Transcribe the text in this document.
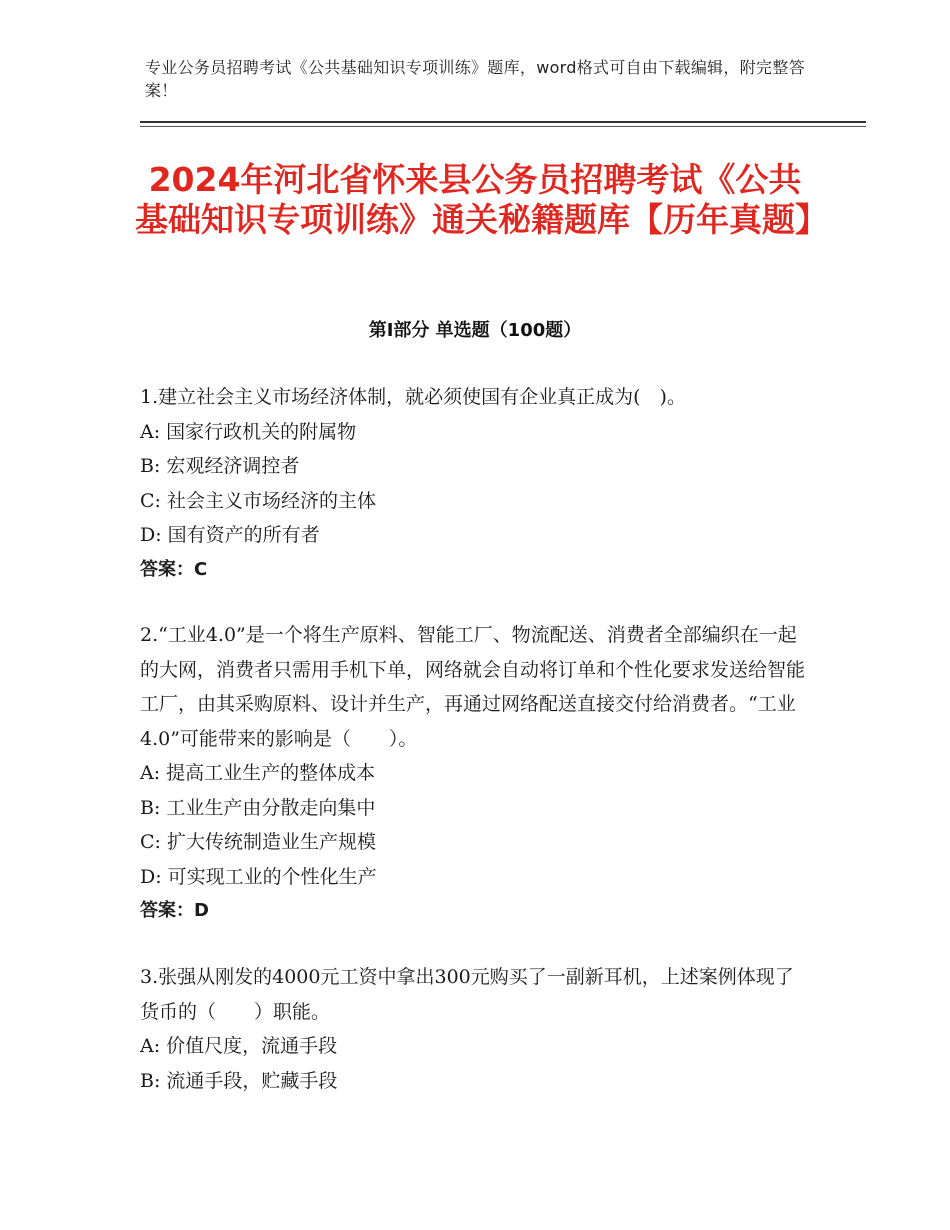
专业公务员招聘考试《公共基础知识专项训练》题库，word格式可自由下载编辑，附完整答案！
2024年河北省怀来县公务员招聘考试《公共基础知识专项训练》通关秘籍题库【历年真题】
第Ⅰ部分 单选题（100题）

1.建立社会主义市场经济体制，就必须使国有企业真正成为(　)。

A: 国家行政机关的附属物

B: 宏观经济调控者

C: 社会主义市场经济的主体

D: 国有资产的所有者

答案：C

2.“工业4.0”是一个将生产原料、智能工厂、物流配送、消费者全部编织在一起的大网，消费者只需用手机下单，网络就会自动将订单和个性化要求发送给智能工厂，由其采购原料、设计并生产，再通过网络配送直接交付给消费者。“工业4.0”可能带来的影响是（　　）。

A: 提高工业生产的整体成本

B: 工业生产由分散走向集中

C: 扩大传统制造业生产规模

D: 可实现工业的个性化生产

答案：D

3.张强从刚发的4000元工资中拿出300元购买了一副新耳机，上述案例体现了货币的（　　）职能。

A: 价值尺度，流通手段

B: 流通手段，贮藏手段
